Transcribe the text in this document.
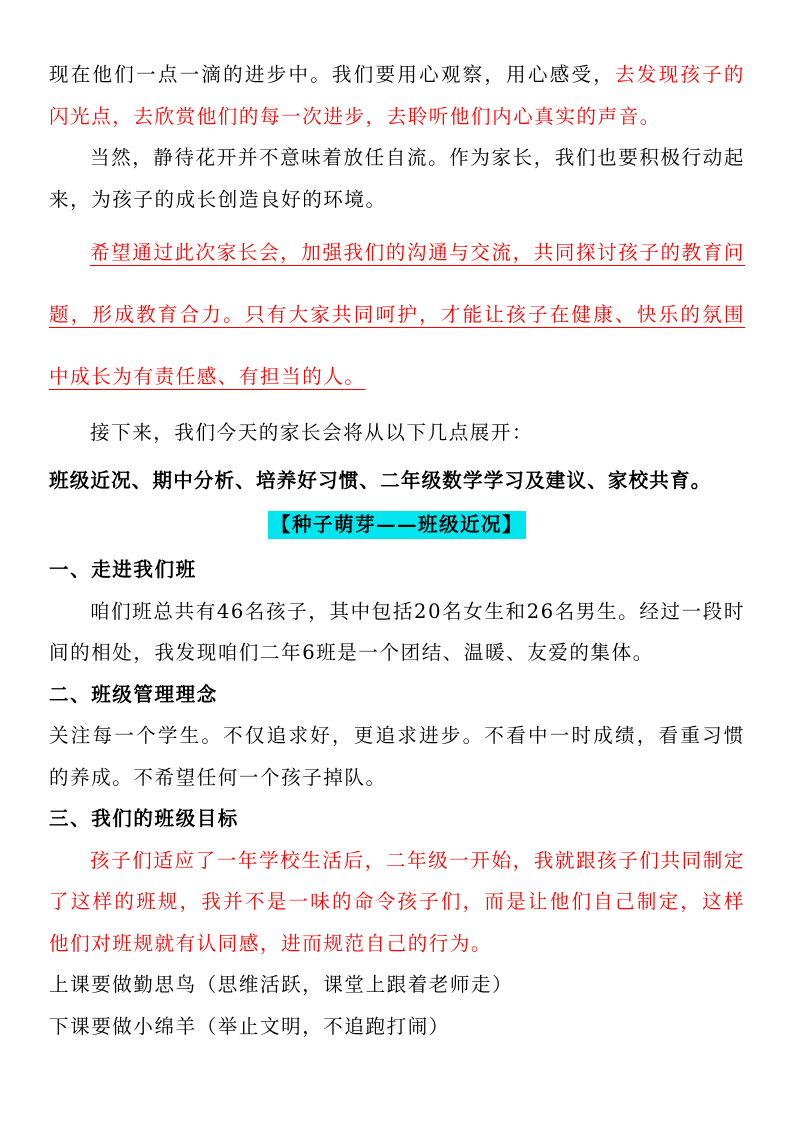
现在他们一点一滴的进步中。我们要用心观察，用心感受，去发现孩子的闪光点，去欣赏他们的每一次进步，去聆听他们内心真实的声音。

当然，静待花开并不意味着放任自流。作为家长，我们也要积极行动起来，为孩子的成长创造良好的环境。

希望通过此次家长会，加强我们的沟通与交流，共同探讨孩子的教育问题，形成教育合力。只有大家共同呵护，才能让孩子在健康、快乐的氛围中成长为有责任感、有担当的人。

接下来，我们今天的家长会将从以下几点展开：

班级近况、期中分析、培养好习惯、二年级数学学习及建议、家校共育。

【种子萌芽——班级近况】

一、走进我们班

咱们班总共有46名孩子，其中包括20名女生和26名男生。经过一段时间的相处，我发现咱们二年6班是一个团结、温暖、友爱的集体。

二、班级管理理念

关注每一个学生。不仅追求好，更追求进步。不看中一时成绩，看重习惯的养成。不希望任何一个孩子掉队。

三、我们的班级目标

孩子们适应了一年学校生活后，二年级一开始，我就跟孩子们共同制定了这样的班规，我并不是一味的命令孩子们，而是让他们自己制定，这样他们对班规就有认同感，进而规范自己的行为。

上课要做勤思鸟（思维活跃，课堂上跟着老师走）

下课要做小绵羊（举止文明，不追跑打闹）
